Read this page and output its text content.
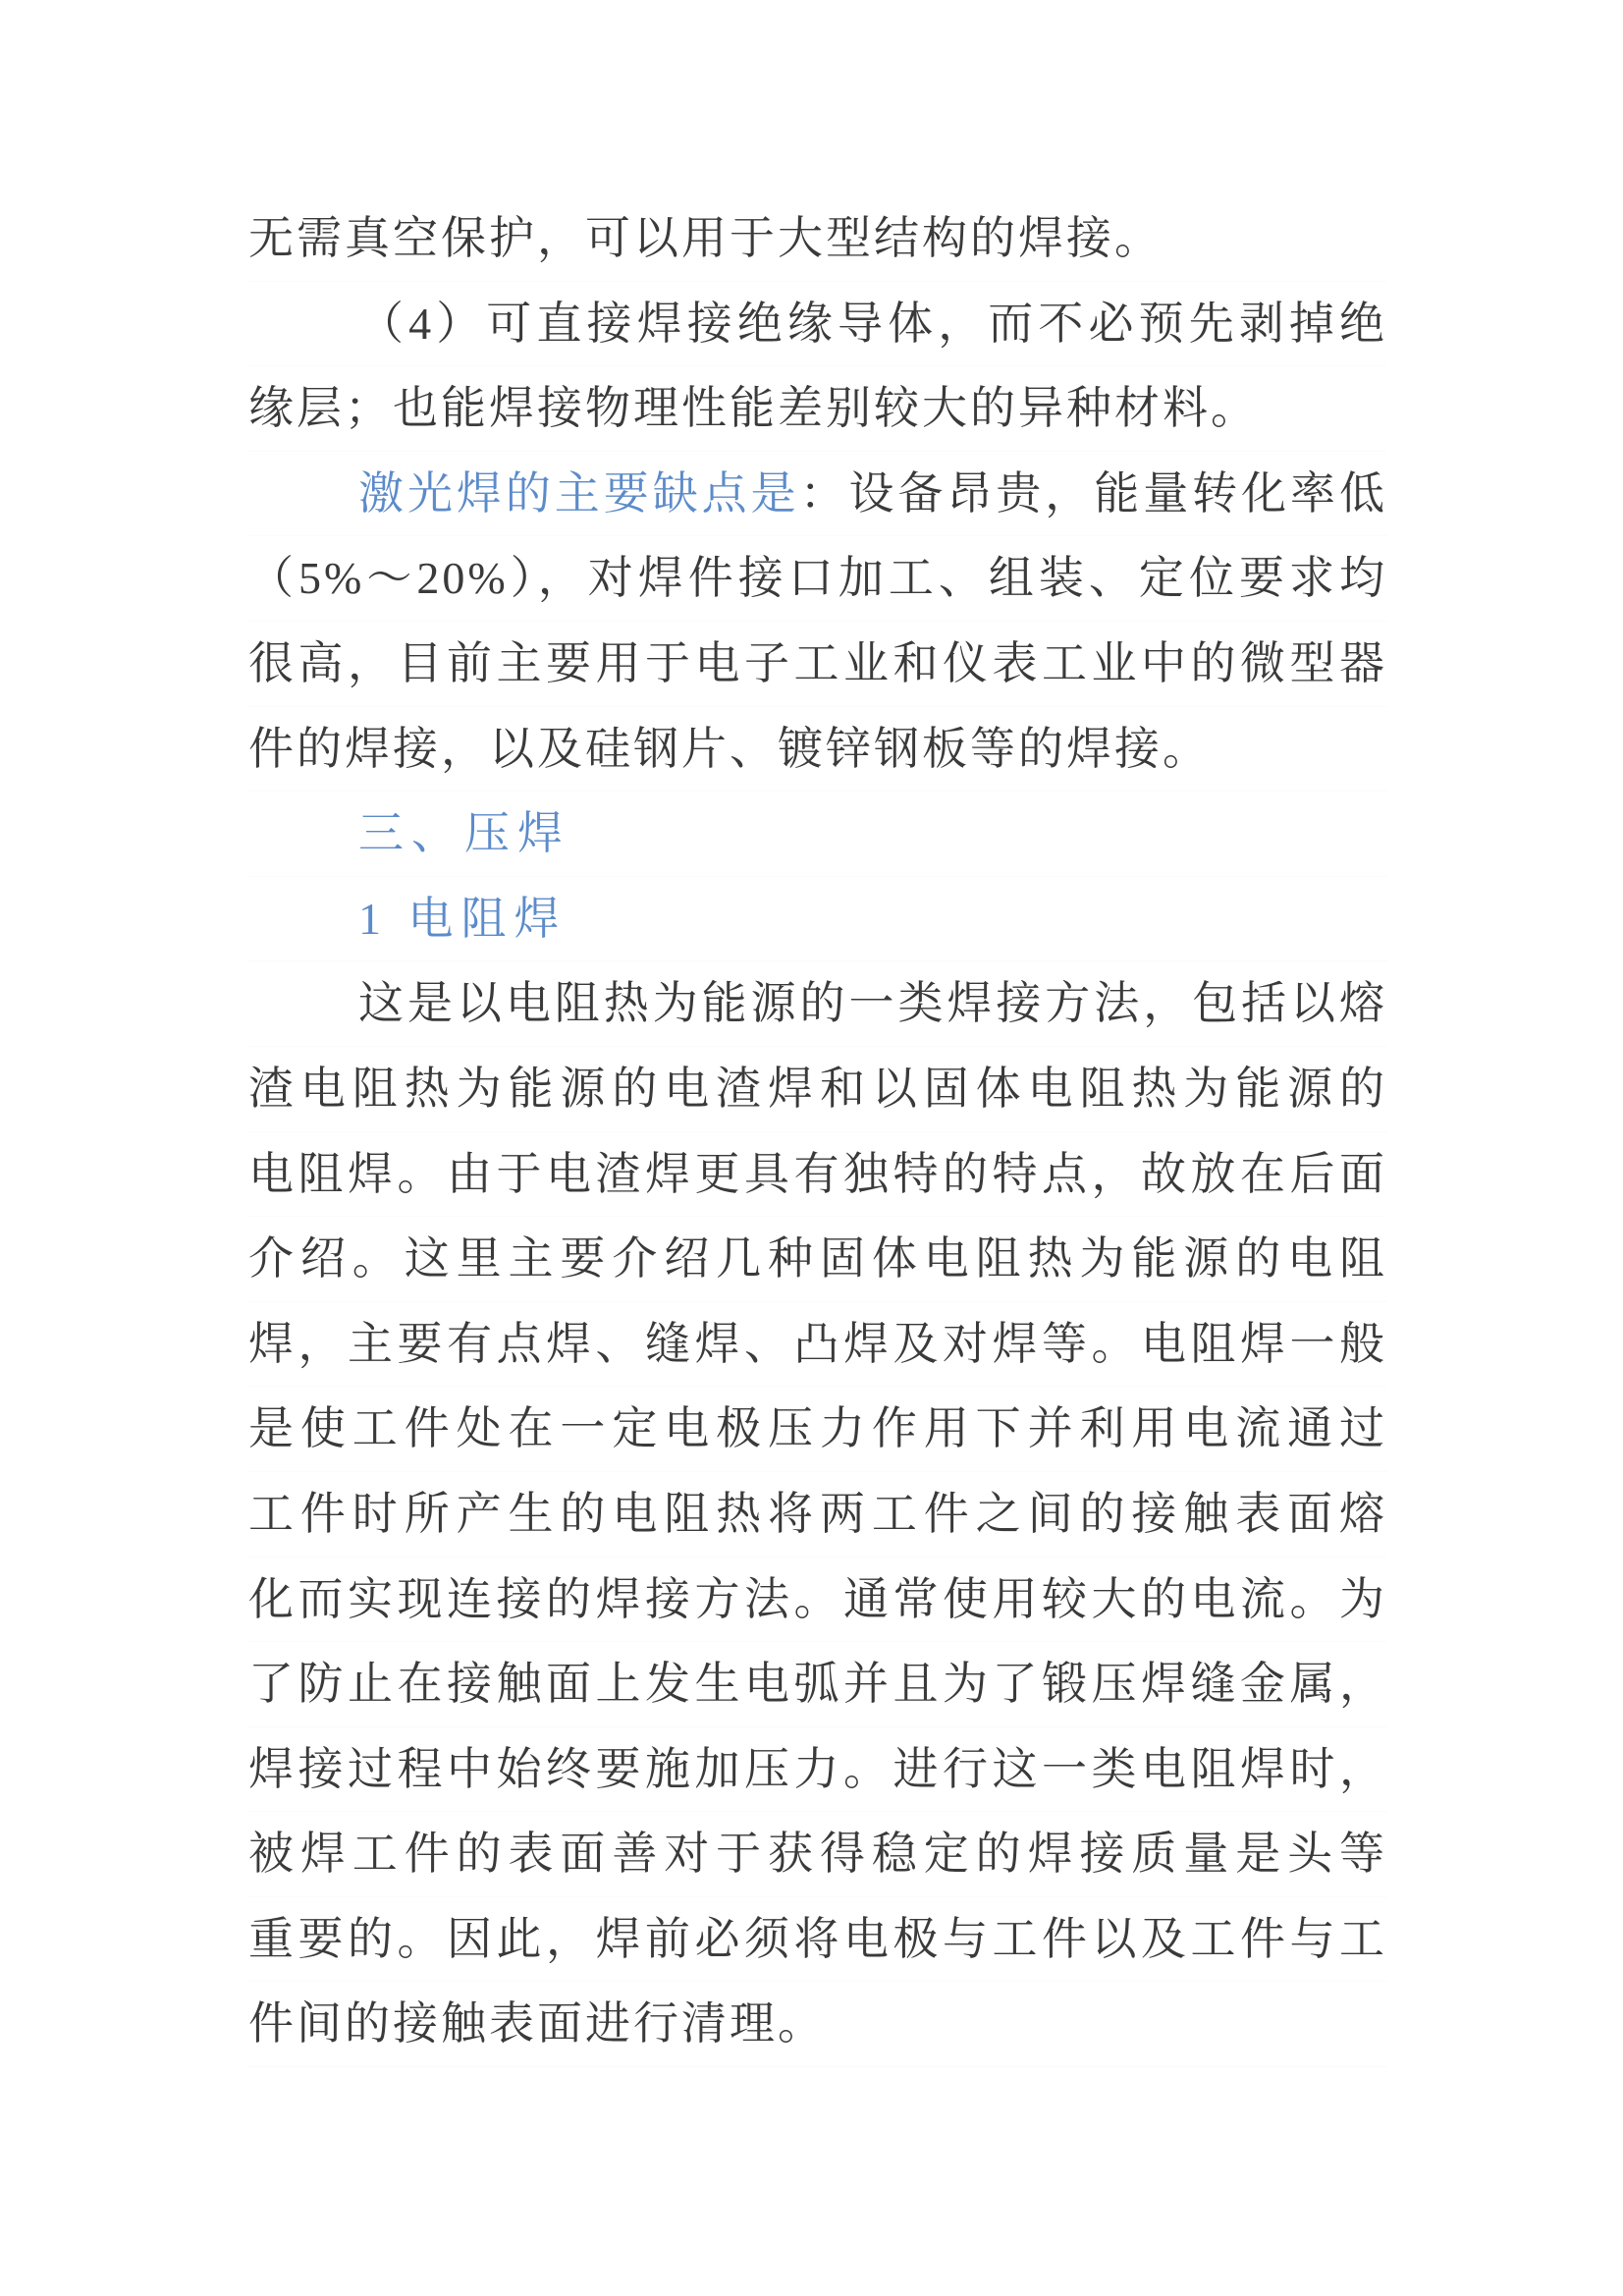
无需真空保护，可以用于大型结构的焊接。
（4）可直接焊接绝缘导体，而不必预先剥掉绝
缘层；也能焊接物理性能差别较大的异种材料。
激光焊的主要缺点是：设备昂贵，能量转化率低
（5%～20%），对焊件接口加工、组装、定位要求均
很高，目前主要用于电子工业和仪表工业中的微型器
件的焊接，以及硅钢片、镀锌钢板等的焊接。
三、压焊
1 电阻焊
这是以电阻热为能源的一类焊接方法，包括以熔
渣电阻热为能源的电渣焊和以固体电阻热为能源的
电阻焊。由于电渣焊更具有独特的特点，故放在后面
介绍。这里主要介绍几种固体电阻热为能源的电阻
焊，主要有点焊、缝焊、凸焊及对焊等。电阻焊一般
是使工件处在一定电极压力作用下并利用电流通过
工件时所产生的电阻热将两工件之间的接触表面熔
化而实现连接的焊接方法。通常使用较大的电流。为
了防止在接触面上发生电弧并且为了锻压焊缝金属，
焊接过程中始终要施加压力。进行这一类电阻焊时，
被焊工件的表面善对于获得稳定的焊接质量是头等
重要的。因此，焊前必须将电极与工件以及工件与工
件间的接触表面进行清理。
